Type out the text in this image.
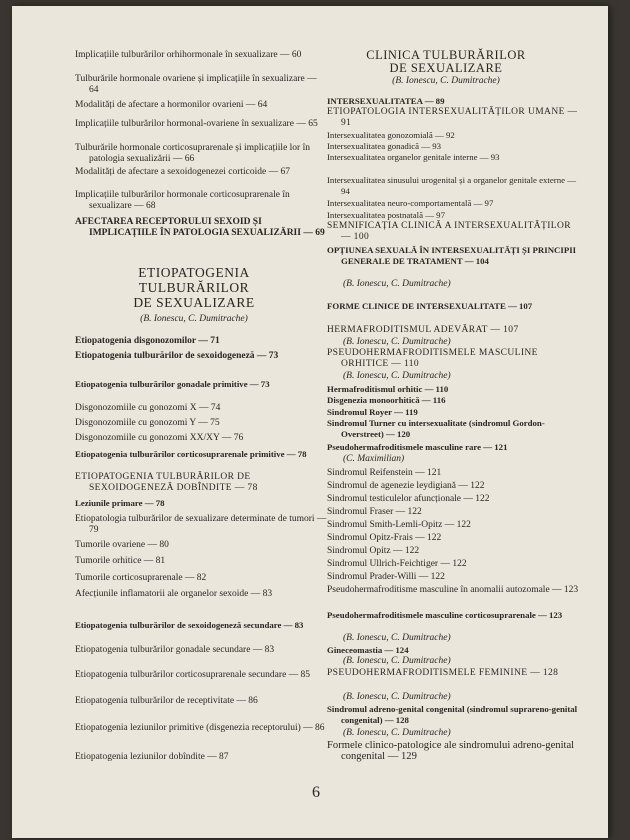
Implicațiile tulburărilor orhihormonale în sexualizare — 60
Tulburările hormonale ovariene și implicațiile în sexualizare — 64
Modalități de afectare a hormonilor ovarieni — 64
Implicațiile tulburărilor hormonal-ovariene în sexualizare — 65
Tulburările hormonale corticosuprarenale și implicațiile lor în patologia sexualizării — 66
Modalități de afectare a sexoidogenezei corticoide — 67
Implicațiile tulburărilor hormonale corticosuprarenale în sexualizare — 68
AFECTAREA RECEPTORULUI SEXOID ȘI IMPLICAȚIILE ÎN PATOLOGIA SEXUALIZĂRII — 69
ETIOPATOGENIA
TULBURĂRILOR
DE SEXUALIZARE
(B. Ionescu, C. Dumitrache)
Etiopatogenia disgonozomilor — 71
Etiopatogenia tulburărilor de sexoidogeneză — 73
Etiopatogenia tulburărilor gonadale primitive — 73
Disgonozomiile cu gonozomi X — 74
Disgonozomiile cu gonozomi Y — 75
Disgonozomiile cu gonozomi XX/XY — 76
Etiopatogenia tulburărilor corticosuprarenale primitive — 78
ETIOPATOGENIA TULBURĂRILOR DE SEXOIDOGENEZĂ DOBÎNDITE — 78
Leziunile primare — 78
Etiopatologia tulburărilor de sexualizare determinate de tumori — 79
Tumorile ovariene — 80
Tumorile orhitice — 81
Tumorile corticosuprarenale — 82
Afecțiunile inflamatorii ale organelor sexoide — 83
Etiopatogenia tulburărilor de sexoidogeneză secundare — 83
Etiopatogenia tulburărilor gonadale secundare — 83
Etiopatogenia tulburărilor corticosuprarenale secundare — 85
Etiopatogenia tulburărilor de receptivitate — 86
Etiopatogenia leziunilor primitive (disgenezia receptorului) — 86
Etiopatogenia leziunilor dobîndite — 87
CLINICA TULBURĂRILOR
DE SEXUALIZARE
(B. Ionescu, C. Dumitrache)
INTERSEXUALITATEA — 89
ETIOPATOLOGIA INTERSEXUALITĂȚILOR UMANE — 91
Intersexualitatea gonozomială — 92
Intersexualitatea gonadică — 93
Intersexualitatea organelor genitale interne — 93
Intersexualitatea sinusului urogenital și a organelor genitale externe — 94
Intersexualitatea neuro-comportamentală — 97
Intersexualitatea postnatală — 97
SEMNIFICAȚIA CLINICĂ A INTERSEXUALITĂȚILOR — 100
OPȚIUNEA SEXUALĂ ÎN INTERSEXUALITĂȚI ȘI PRINCIPII GENERALE DE TRATAMENT — 104
(B. Ionescu, C. Dumitrache)
FORME CLINICE DE INTERSEXUALITATE — 107
HERMAFRODITISMUL ADEVĂRAT — 107
(B. Ionescu, C. Dumitrache)
PSEUDOHERMAFRODITISMELE MASCULINE ORHITICE — 110
(B. Ionescu, C. Dumitrache)
Hermafroditismul orhitic — 110
Disgenezia monoorhitică — 116
Sindromul Royer — 119
Sindromul Turner cu intersexualitate (sindromul Gordon-Overstreet) — 120
Pseudohermafroditismele masculine rare — 121
(C. Maximilian)
Sindromul Reifenstein — 121
Sindromul de agenezie leydigiană — 122
Sindromul testiculelor afuncționale — 122
Sindromul Fraser — 122
Sindromul Smith-Lemli-Opitz — 122
Sindromul Opitz-Frais — 122
Sindromul Opitz — 122
Sindromul Ullrich-Feichtiger — 122
Sindromul Prader-Willi — 122
Pseudohermafroditisme masculine în anomalii autozomale — 123
Pseudohermafroditismele masculine corticosuprarenale — 123
(B. Ionescu, C. Dumitrache)
Gineceomastia — 124
(B. Ionescu, C. Dumitrache)
PSEUDOHERMAFRODITISMELE FEMININE — 128
(B. Ionescu, C. Dumitrache)
Sindromul adreno-genital congenital (sindromul suprareno-genital congenital) — 128
(B. Ionescu, C. Dumitrache)
Formele clinico-patologice ale sindromului adreno-genital congenital — 129
6
